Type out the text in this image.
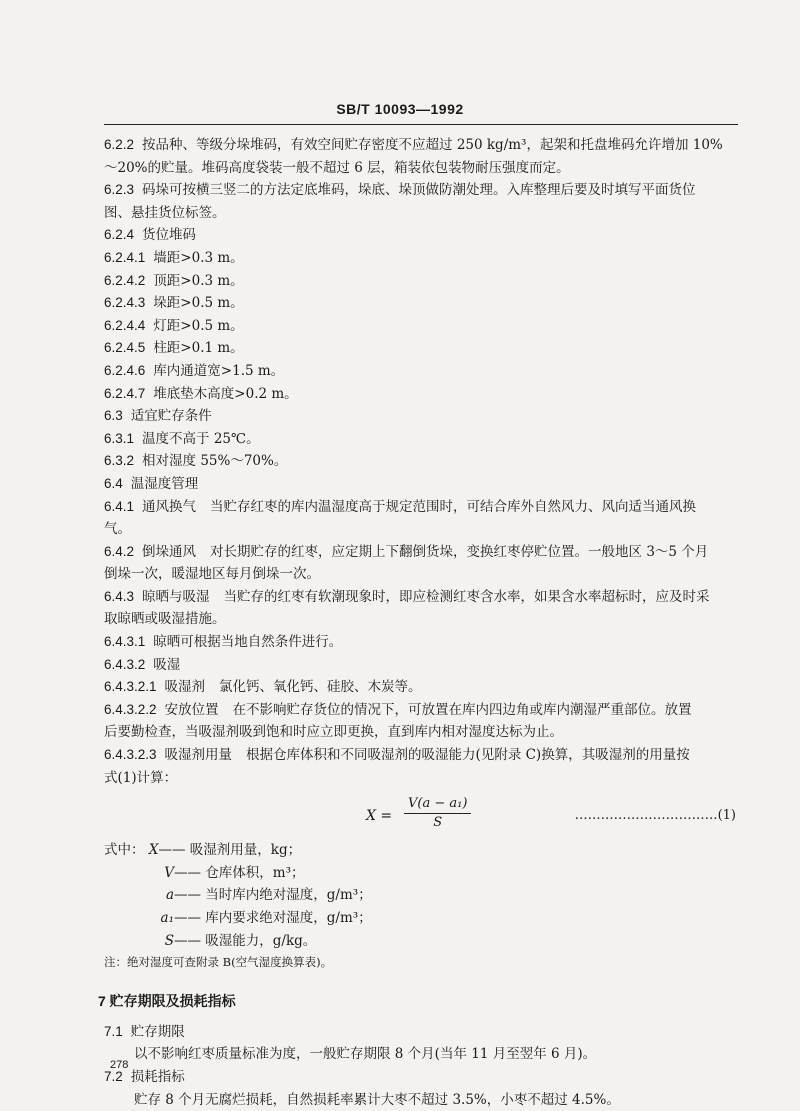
SB/T 10093—1992
6.2.2 按品种、等级分垛堆码，有效空间贮存密度不应超过 250 kg/m³，起架和托盘堆码允许增加 10%
～20%的贮量。堆码高度袋装一般不超过 6 层，箱装依包装物耐压强度而定。
6.2.3 码垛可按横三竖二的方法定底堆码，垛底、垛顶做防潮处理。入库整理后要及时填写平面货位
图、悬挂货位标签。
6.2.4 货位堆码
6.2.4.1 墙距>0.3 m。
6.2.4.2 顶距>0.3 m。
6.2.4.3 垛距>0.5 m。
6.2.4.4 灯距>0.5 m。
6.2.4.5 柱距>0.1 m。
6.2.4.6 库内通道宽>1.5 m。
6.2.4.7 堆底垫木高度>0.2 m。
6.3 适宜贮存条件
6.3.1 温度不高于 25℃。
6.3.2 相对湿度 55%～70%。
6.4 温湿度管理
6.4.1 通风换气 当贮存红枣的库内温湿度高于规定范围时，可结合库外自然风力、风向适当通风换
气。
6.4.2 倒垛通风 对长期贮存的红枣，应定期上下翻倒货垛，变换红枣停贮位置。一般地区 3～5 个月
倒垛一次，暖湿地区每月倒垛一次。
6.4.3 晾晒与吸湿 当贮存的红枣有软潮现象时，即应检测红枣含水率，如果含水率超标时，应及时采
取晾晒或吸湿措施。
6.4.3.1 晾晒可根据当地自然条件进行。
6.4.3.2 吸湿
6.4.3.2.1 吸湿剂 氯化钙、氧化钙、硅胶、木炭等。
6.4.3.2.2 安放位置 在不影响贮存货位的情况下，可放置在库内四边角或库内潮湿严重部位。放置
后要勤检查，当吸湿剂吸到饱和时应立即更换，直到库内相对湿度达标为止。
6.4.3.2.3 吸湿剂用量 根据仓库体积和不同吸湿剂的吸湿能力(见附录 C)换算，其吸湿剂的用量按
式(1)计算：
$X = \frac{\text{V(a − a₁)}}{S}$	……………………………(1)
式中： X—— 吸湿剂用量，kg；
V—— 仓库体积，m³；
a—— 当时库内绝对湿度，g/m³；
a₁—— 库内要求绝对湿度，g/m³；
S—— 吸湿能力，g/kg。
注：绝对湿度可查附录 B(空气湿度换算表)。
7 贮存期限及损耗指标
7.1 贮存期限
以不影响红枣质量标准为度，一般贮存期限 8 个月(当年 11 月至翌年 6 月)。
7.2 损耗指标
贮存 8 个月无腐烂损耗，自然损耗率累计大枣不超过 3.5%，小枣不超过 4.5%。
278
